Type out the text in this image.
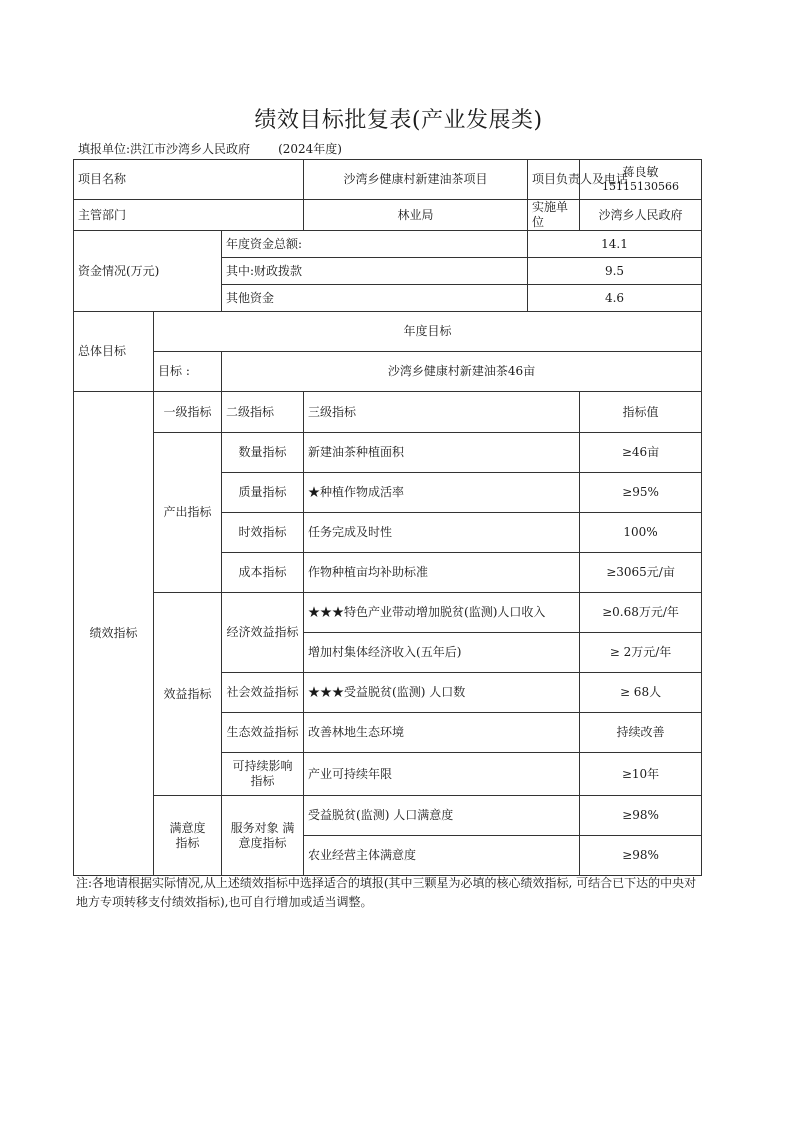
绩效目标批复表(产业发展类)
填报单位:洪江市沙湾乡人民政府 (2024年度)
项目名称			沙湾乡健康村新建油茶项目	项目负责人及电话	蒋良敏
15115130566

主管部门			林业局	实施单位	沙湾乡人民政府
资金情况(万元)		年度资金总额:		14.1	
		其中:财政拨款		9.5	
		其他资金		4.6	
总体目标	年度目标				
	目标 :	沙湾乡健康村新建油茶46亩			
绩效指标	一级指标	二级指标	三级指标		指标值
	产出指标	数量指标	新建油茶种植面积		≥46亩
		质量指标	★种植作物成活率		≥95%
		时效指标	任务完成及时性		100%
		成本指标	作物种植亩均补助标准		≥3065元/亩
	效益指标	经济效益指标	★★★特色产业带动增加脱贫(监测)人口收入		≥0.68万元/年
			增加村集体经济收入(五年后)		≥ 2万元/年
		社会效益指标	★★★受益脱贫(监测) 人口数		≥ 68人
		生态效益指标	改善林地生态环境		持续改善
		可持续影响指标	产业可持续年限		≥10年
	满意度指标	服务对象 满意度指标	受益脱贫(监测) 人口满意度		≥98%
			农业经营主体满意度		≥98%
注:各地请根据实际情况,从上述绩效指标中选择适合的填报(其中三颗星为必填的核心绩效指标, 可结合已下达的中央对地方专项转移支付绩效指标),也可自行增加或适当调整。
